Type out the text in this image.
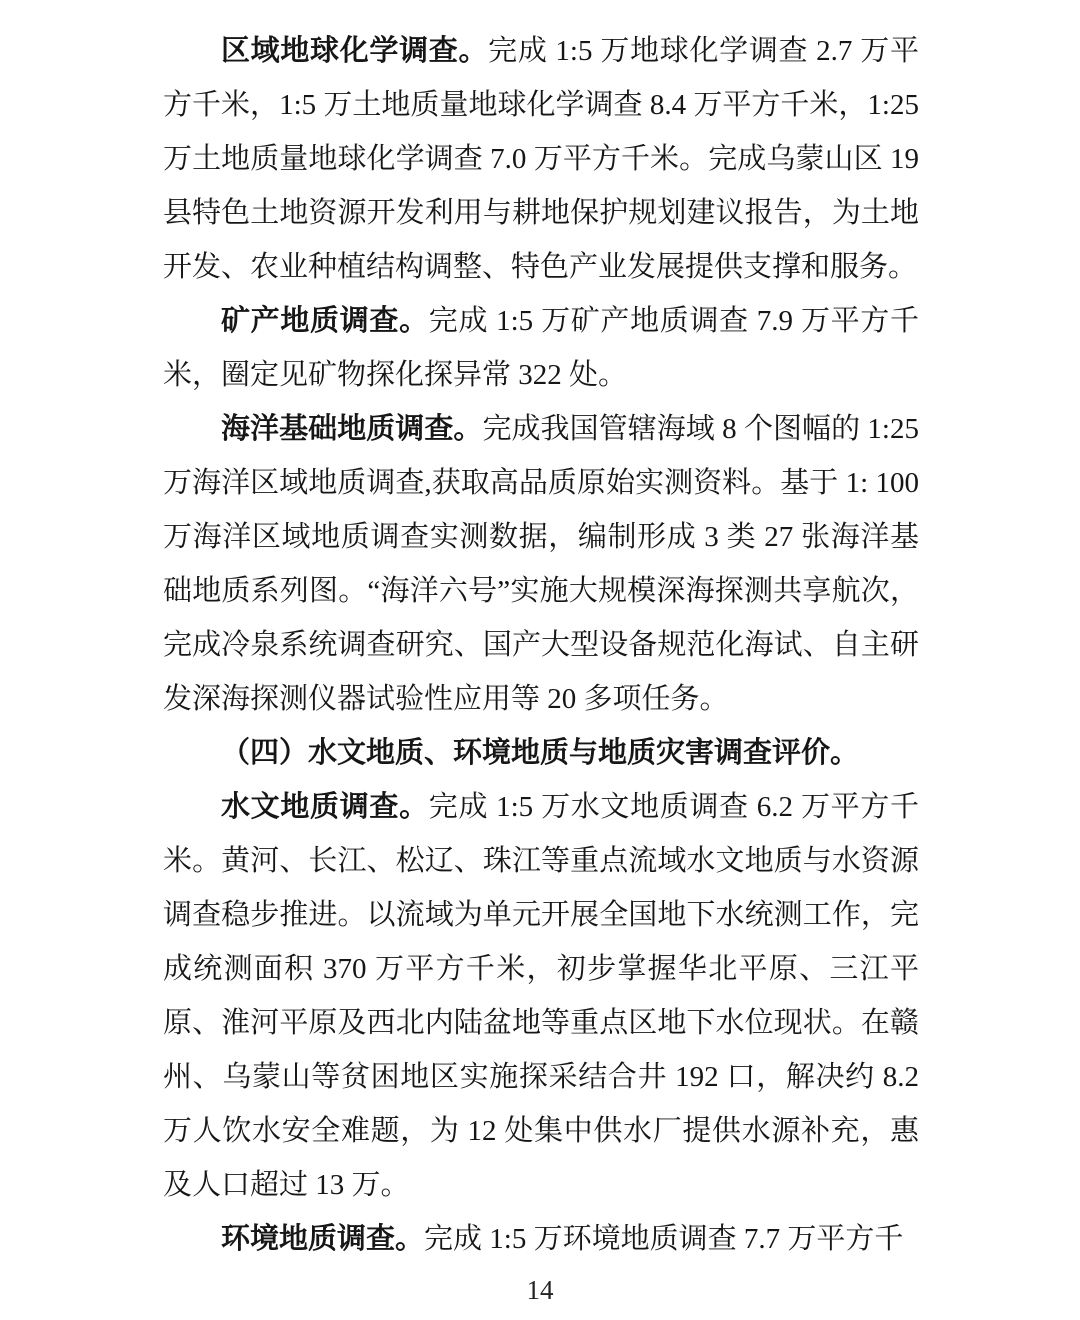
区域地球化学调查。完成 1:5 万地球化学调查 2.7 万平方千米，1:5 万土地质量地球化学调查 8.4 万平方千米，1:25 万土地质量地球化学调查 7.0 万平方千米。完成乌蒙山区 19 县特色土地资源开发利用与耕地保护规划建议报告，为土地开发、农业种植结构调整、特色产业发展提供支撑和服务。

矿产地质调查。完成 1:5 万矿产地质调查 7.9 万平方千米，圈定见矿物探化探异常 322 处。

海洋基础地质调查。完成我国管辖海域 8 个图幅的 1:25 万海洋区域地质调查,获取高品质原始实测资料。基于 1: 100 万海洋区域地质调查实测数据，编制形成 3 类 27 张海洋基础地质系列图。“海洋六号”实施大规模深海探测共享航次，完成冷泉系统调查研究、国产大型设备规范化海试、自主研发深海探测仪器试验性应用等 20 多项任务。

（四）水文地质、环境地质与地质灾害调查评价。

水文地质调查。完成 1:5 万水文地质调查 6.2 万平方千米。黄河、长江、松辽、珠江等重点流域水文地质与水资源调查稳步推进。以流域为单元开展全国地下水统测工作，完成统测面积 370 万平方千米，初步掌握华北平原、三江平原、淮河平原及西北内陆盆地等重点区地下水位现状。在赣州、乌蒙山等贫困地区实施探采结合井 192 口，解决约 8.2 万人饮水安全难题，为 12 处集中供水厂提供水源补充，惠及人口超过 13 万。

环境地质调查。完成 1:5 万环境地质调查 7.7 万平方千

14
